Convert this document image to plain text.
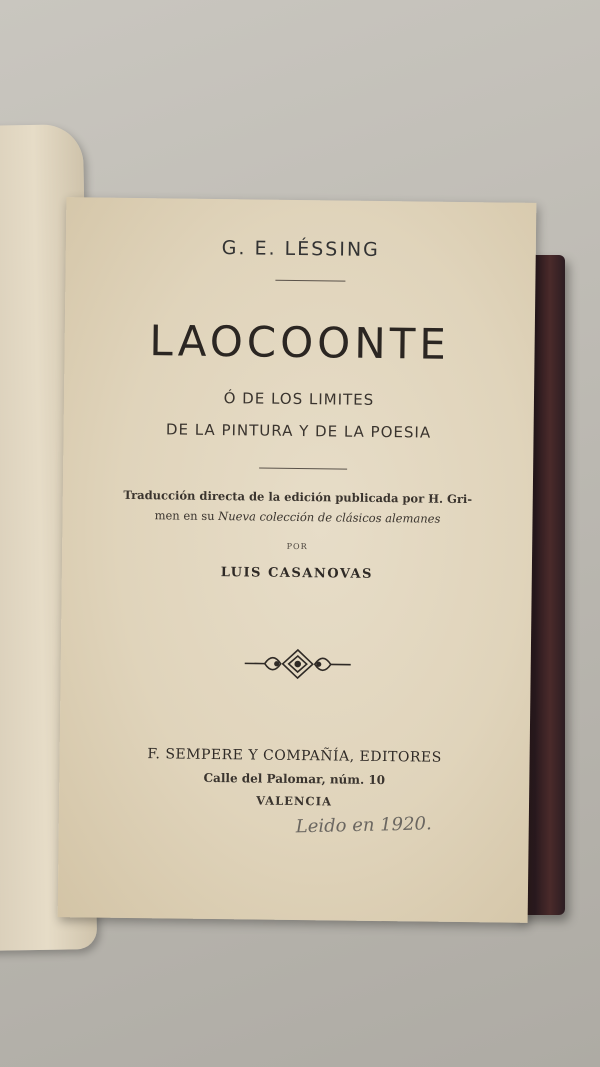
G. E. LÉSSING
LAOCOONTE
Ó DE LOS LIMITES
DE LA PINTURA Y DE LA POESIA
Traducción directa de la edición publicada por H. Gri-
men en su Nueva colección de clásicos alemanes
POR
LUIS CASANOVAS
F. SEMPERE Y COMPAÑÍA, EDITORES
Calle del Palomar, núm. 10
VALENCIA
Leido en 1920.
